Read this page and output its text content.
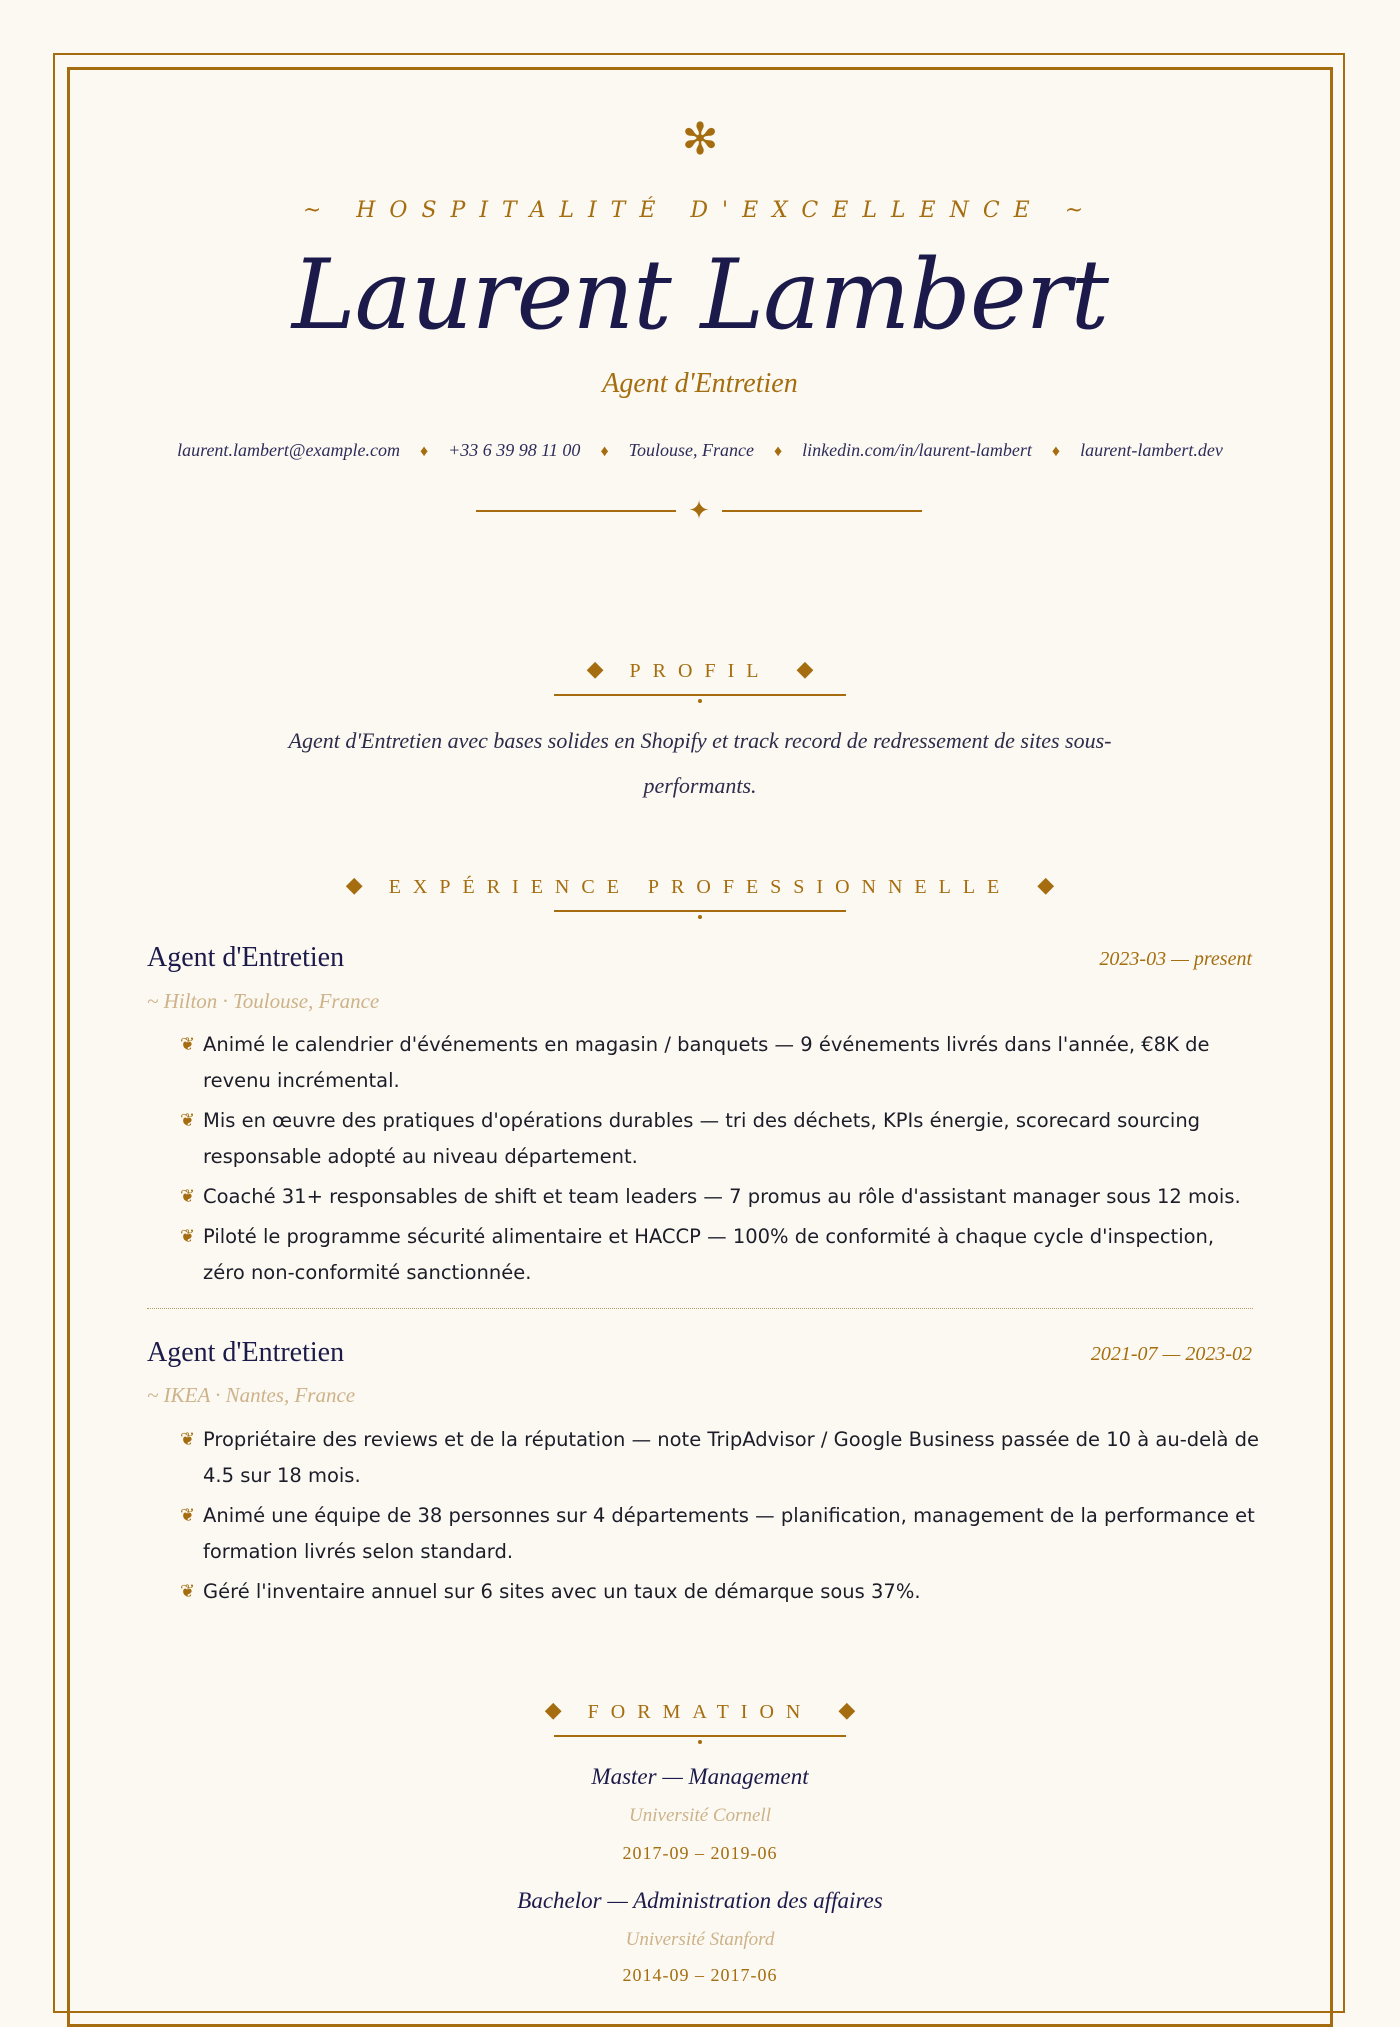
✻
~ HOSPITALITÉ D'EXCELLENCE ~
Laurent Lambert
Agent d'Entretien
laurent.lambert@example.com ♦ +33 6 39 98 11 00 ♦ Toulouse, France ♦ linkedin.com/in/laurent-lambert ♦ laurent-lambert.dev
✦
◆ PROFIL ◆
Agent d'Entretien avec bases solides en Shopify et track record de redressement de sites sous-performants.
◆ EXPÉRIENCE PROFESSIONNELLE ◆
Agent d'Entretien	2023-03 — present
~ Hilton · Toulouse, France
❦ Animé le calendrier d'événements en magasin / banquets — 9 événements livrés dans l'année, €8K de revenu incrémental.
❦ Mis en œuvre des pratiques d'opérations durables — tri des déchets, KPIs énergie, scorecard sourcing responsable adopté au niveau département.
❦ Coaché 31+ responsables de shift et team leaders — 7 promus au rôle d'assistant manager sous 12 mois.
❦ Piloté le programme sécurité alimentaire et HACCP — 100% de conformité à chaque cycle d'inspection, zéro non-conformité sanctionnée.
Agent d'Entretien	2021-07 — 2023-02
~ IKEA · Nantes, France
❦ Propriétaire des reviews et de la réputation — note TripAdvisor / Google Business passée de 10 à au-delà de 4.5 sur 18 mois.
❦ Animé une équipe de 38 personnes sur 4 départements — planification, management de la performance et formation livrés selon standard.
❦ Géré l'inventaire annuel sur 6 sites avec un taux de démarque sous 37%.
◆ FORMATION ◆
Master — Management
Université Cornell
2017-09 – 2019-06
Bachelor — Administration des affaires
Université Stanford
2014-09 – 2017-06
